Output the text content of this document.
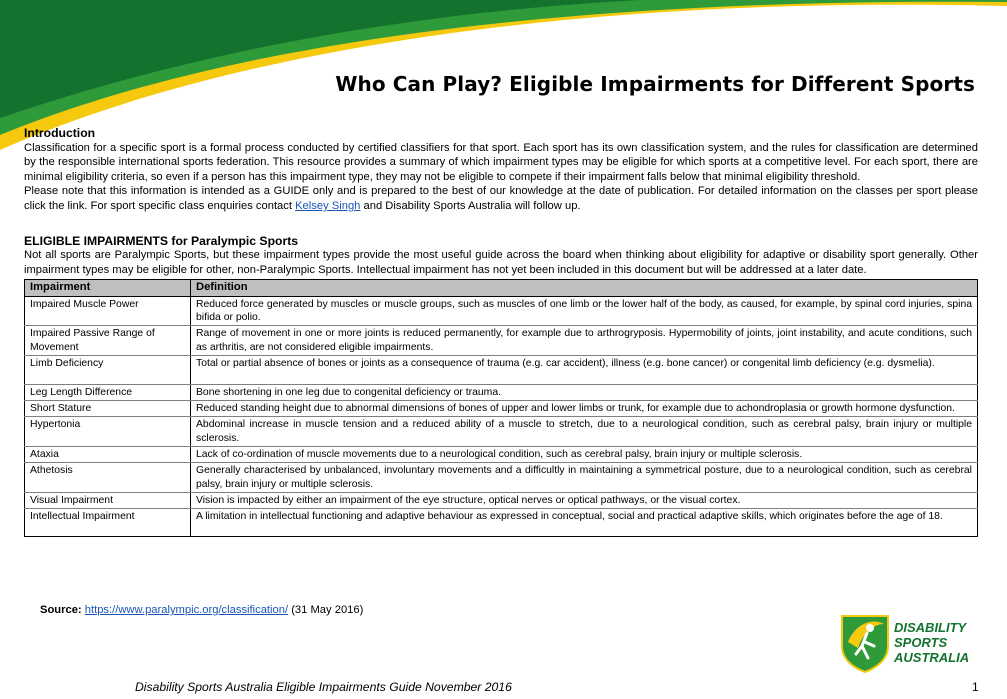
Who Can Play? Eligible Impairments for Different Sports

Introduction

Classification for a specific sport is a formal process conducted by certified classifiers for that sport. Each sport has its own classification system, and the rules for classification are determined by the responsible international sports federation. This resource provides a summary of which impairment types may be eligible for which sports at a competitive level. For each sport, there are minimal eligibility criteria, so even if a person has this impairment type, they may not be eligible to compete if their impairment falls below that minimal eligibility threshold.

Please note that this information is intended as a GUIDE only and is prepared to the best of our knowledge at the date of publication. For detailed information on the classes per sport please click the link. For sport specific class enquiries contact Kelsey Singh and Disability Sports Australia will follow up.

ELIGIBLE IMPAIRMENTS for Paralympic Sports

Not all sports are Paralympic Sports, but these impairment types provide the most useful guide across the board when thinking about eligibility for adaptive or disability sport generally. Other impairment types may be eligible for other, non-Paralympic Sports. Intellectual impairment has not yet been included in this document but will be addressed at a later date.

Impairment	Definition
Impaired Muscle Power	Reduced force generated by muscles or muscle groups, such as muscles of one limb or the lower half of the body, as caused, for example, by spinal cord injuries, spina bifida or polio.
Impaired Passive Range of Movement	Range of movement in one or more joints is reduced permanently, for example due to arthrogryposis. Hypermobility of joints, joint instability, and acute conditions, such as arthritis, are not considered eligible impairments.
Limb Deficiency	Total or partial absence of bones or joints as a consequence of trauma (e.g. car accident), illness (e.g. bone cancer) or congenital limb deficiency (e.g. dysmelia).
Leg Length Difference	Bone shortening in one leg due to congenital deficiency or trauma.
Short Stature	Reduced standing height due to abnormal dimensions of bones of upper and lower limbs or trunk, for example due to achondroplasia or growth hormone dysfunction.
Hypertonia	Abdominal increase in muscle tension and a reduced ability of a muscle to stretch, due to a neurological condition, such as cerebral palsy, brain injury or multiple sclerosis.
Ataxia	Lack of co-ordination of muscle movements due to a neurological condition, such as cerebral palsy, brain injury or multiple sclerosis.
Athetosis	Generally characterised by unbalanced, involuntary movements and a difficultly in maintaining a symmetrical posture, due to a neurological condition, such as cerebral palsy, brain injury or multiple sclerosis.
Visual Impairment	Vision is impacted by either an impairment of the eye structure, optical nerves or optical pathways, or the visual cortex.
Intellectual Impairment	A limitation in intellectual functioning and adaptive behaviour as expressed in conceptual, social and practical adaptive skills, which originates before the age of 18.
Source: https://www.paralympic.org/classification/ (31 May 2016)
DISABILITY
SPORTS
AUSTRALIA
Disability Sports Australia Eligible Impairments Guide November 2016	1
